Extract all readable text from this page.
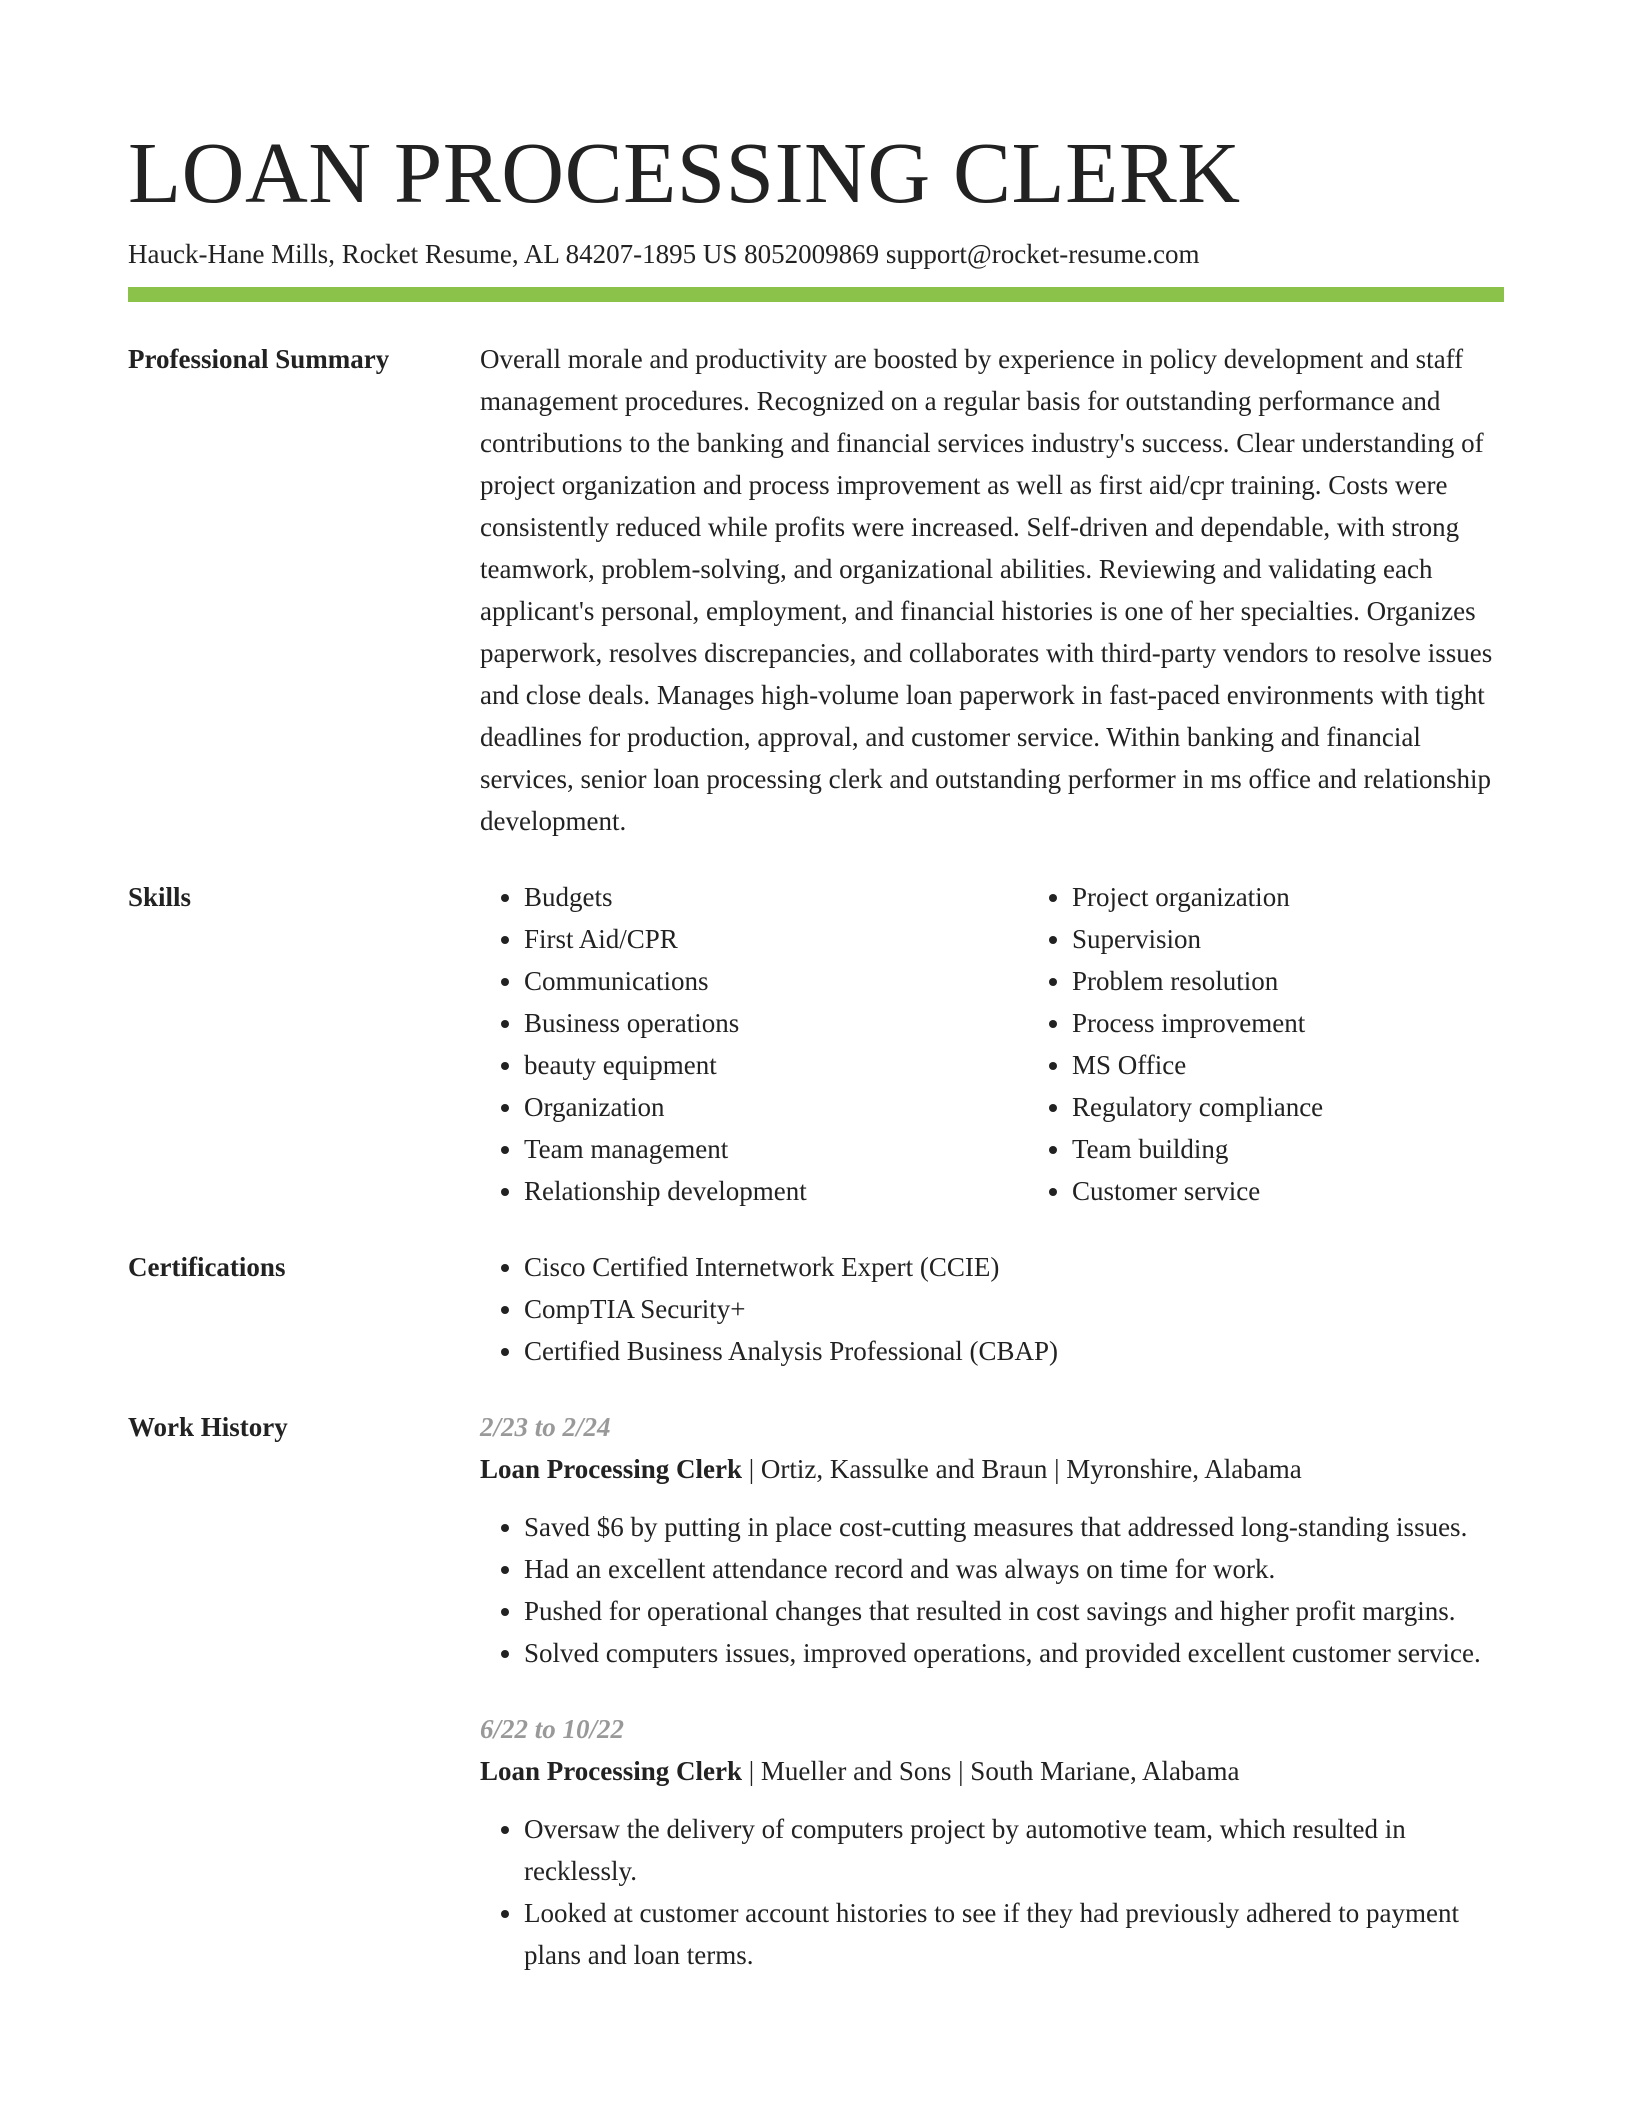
LOAN PROCESSING CLERK
Hauck-Hane Mills, Rocket Resume, AL 84207-1895 US 8052009869 support@rocket-resume.com
Professional Summary	Overall morale and productivity are boosted by experience in policy development and staff management procedures. Recognized on a regular basis for outstanding performance and contributions to the banking and financial services industry's success. Clear understanding of project organization and process improvement as well as first aid/cpr training. Costs were consistently reduced while profits were increased. Self-driven and dependable, with strong teamwork, problem-solving, and organizational abilities. Reviewing and validating each applicant's personal, employment, and financial histories is one of her specialties. Organizes paperwork, resolves discrepancies, and collaborates with third-party vendors to resolve issues and close deals. Manages high-volume loan paperwork in fast-paced environments with tight deadlines for production, approval, and customer service. Within banking and financial services, senior loan processing clerk and outstanding performer in ms office and relationship development.

Skills	• Budgets
• First Aid/CPR
• Communications
• Business operations
• beauty equipment
• Organization
• Team management
• Relationship development
• Project organization
• Supervision
• Problem resolution
• Process improvement
• MS Office
• Regulatory compliance
• Team building
• Customer service
Certifications	• Cisco Certified Internetwork Expert (CCIE)
• CompTIA Security+
• Certified Business Analysis Professional (CBAP)
Work History	2/23 to 2/24
Loan Processing Clerk | Ortiz, Kassulke and Braun | Myronshire, Alabama
• Saved $6 by putting in place cost-cutting measures that addressed long-standing issues.
• Had an excellent attendance record and was always on time for work.
• Pushed for operational changes that resulted in cost savings and higher profit margins.
• Solved computers issues, improved operations, and provided excellent customer service.
6/22 to 10/22
Loan Processing Clerk | Mueller and Sons | South Mariane, Alabama
• Oversaw the delivery of computers project by automotive team, which resulted in recklessly.
• Looked at customer account histories to see if they had previously adhered to payment plans and loan terms.
